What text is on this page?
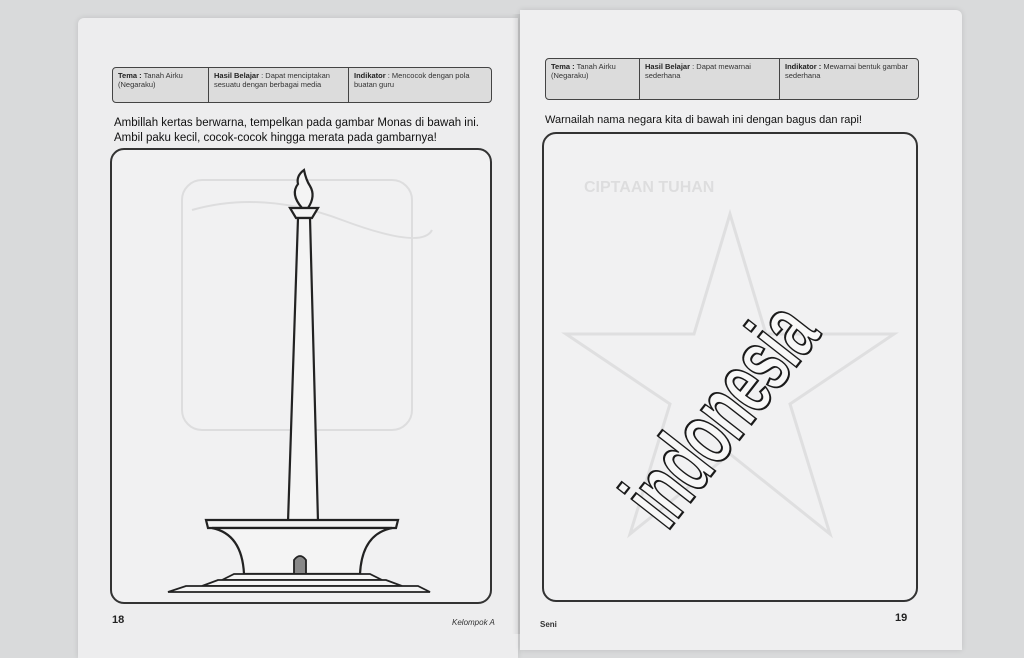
Tema : Tanah Airku (Negaraku)
Hasil Belajar : Dapat menciptakan sesuatu dengan berbagai media
Indikator : Mencocok dengan pola buatan guru
Ambillah kertas berwarna, tempelkan pada gambar Monas di bawah ini.
Ambil paku kecil, cocok-cocok hingga merata pada gambarnya!
18	Kelompok A
Tema : Tanah Airku (Negaraku)
Hasil Belajar : Dapat mewarnai sederhana
Indikator : Mewarnai bentuk gambar sederhana
Warnailah nama negara kita di bawah ini dengan bagus dan rapi!
CIPTAAN TUHAN
indonesia
19
Seni
